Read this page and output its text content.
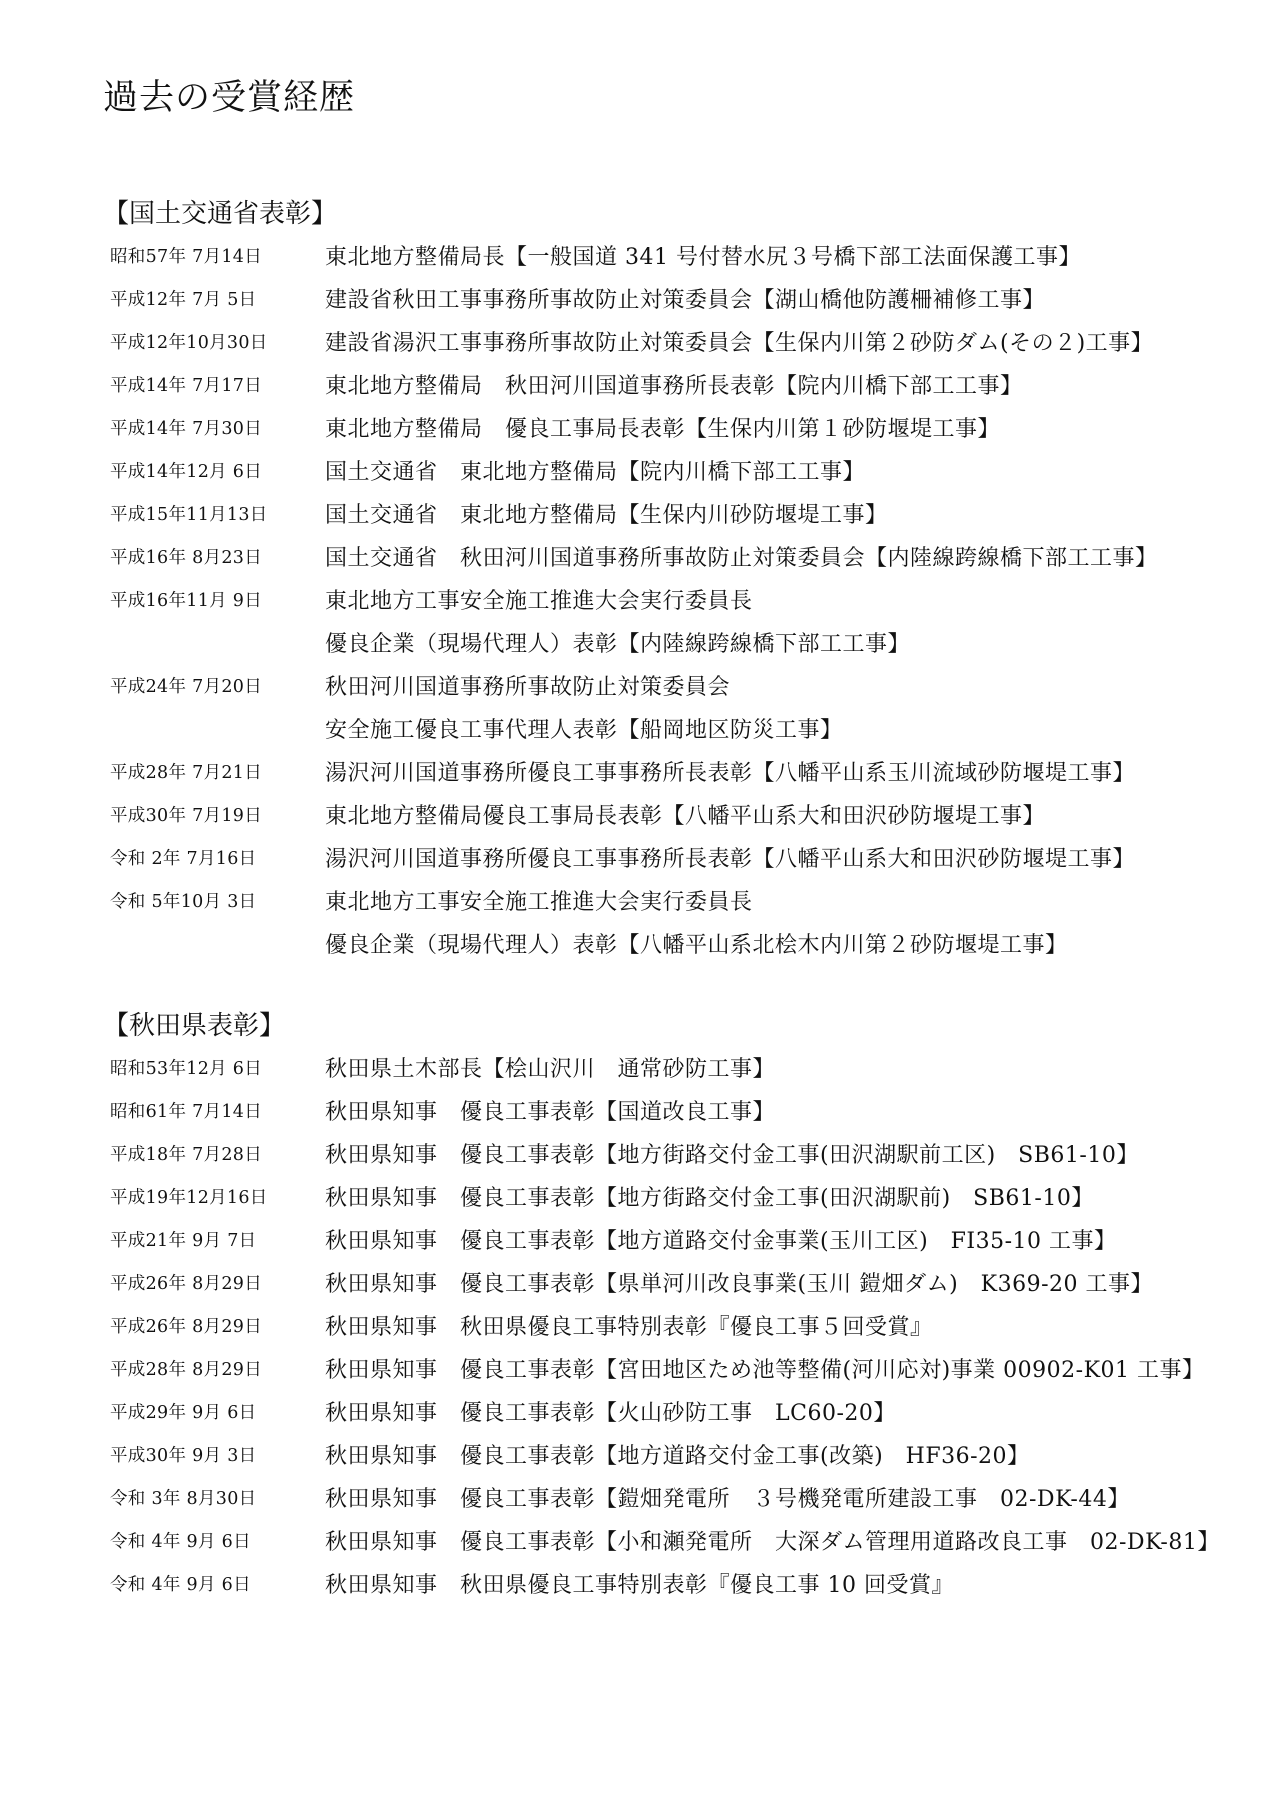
過去の受賞経歴
【国土交通省表彰】
昭和57年 7月14日	東北地方整備局長【一般国道 341 号付替水尻３号橋下部工法面保護工事】
平成12年 7月 5日	建設省秋田工事事務所事故防止対策委員会【湖山橋他防護柵補修工事】
平成12年10月30日	建設省湯沢工事事務所事故防止対策委員会【生保内川第２砂防ダム(その２)工事】
平成14年 7月17日	東北地方整備局　秋田河川国道事務所長表彰【院内川橋下部工工事】
平成14年 7月30日	東北地方整備局　優良工事局長表彰【生保内川第１砂防堰堤工事】
平成14年12月 6日	国土交通省　東北地方整備局【院内川橋下部工工事】
平成15年11月13日	国土交通省　東北地方整備局【生保内川砂防堰堤工事】
平成16年 8月23日	国土交通省　秋田河川国道事務所事故防止対策委員会【内陸線跨線橋下部工工事】
平成16年11月 9日	東北地方工事安全施工推進大会実行委員長
優良企業（現場代理人）表彰【内陸線跨線橋下部工工事】
平成24年 7月20日	秋田河川国道事務所事故防止対策委員会
安全施工優良工事代理人表彰【船岡地区防災工事】
平成28年 7月21日	湯沢河川国道事務所優良工事事務所長表彰【八幡平山系玉川流域砂防堰堤工事】
平成30年 7月19日	東北地方整備局優良工事局長表彰【八幡平山系大和田沢砂防堰堤工事】
令和 2年 7月16日	湯沢河川国道事務所優良工事事務所長表彰【八幡平山系大和田沢砂防堰堤工事】
令和 5年10月 3日	東北地方工事安全施工推進大会実行委員長
優良企業（現場代理人）表彰【八幡平山系北桧木内川第２砂防堰堤工事】
【秋田県表彰】
昭和53年12月 6日	秋田県土木部長【桧山沢川　通常砂防工事】
昭和61年 7月14日	秋田県知事　優良工事表彰【国道改良工事】
平成18年 7月28日	秋田県知事　優良工事表彰【地方街路交付金工事(田沢湖駅前工区)　SB61-10】
平成19年12月16日	秋田県知事　優良工事表彰【地方街路交付金工事(田沢湖駅前)　SB61-10】
平成21年 9月 7日	秋田県知事　優良工事表彰【地方道路交付金事業(玉川工区)　FI35-10 工事】
平成26年 8月29日	秋田県知事　優良工事表彰【県単河川改良事業(玉川 鎧畑ダム)　K369-20 工事】
平成26年 8月29日	秋田県知事　秋田県優良工事特別表彰『優良工事５回受賞』
平成28年 8月29日	秋田県知事　優良工事表彰【宮田地区ため池等整備(河川応対)事業 00902-K01 工事】
平成29年 9月 6日	秋田県知事　優良工事表彰【火山砂防工事　LC60-20】
平成30年 9月 3日	秋田県知事　優良工事表彰【地方道路交付金工事(改築)　HF36-20】
令和 3年 8月30日	秋田県知事　優良工事表彰【鎧畑発電所　３号機発電所建設工事　02-DK-44】
令和 4年 9月 6日	秋田県知事　優良工事表彰【小和瀬発電所　大深ダム管理用道路改良工事　02-DK-81】
令和 4年 9月 6日	秋田県知事　秋田県優良工事特別表彰『優良工事 10 回受賞』
